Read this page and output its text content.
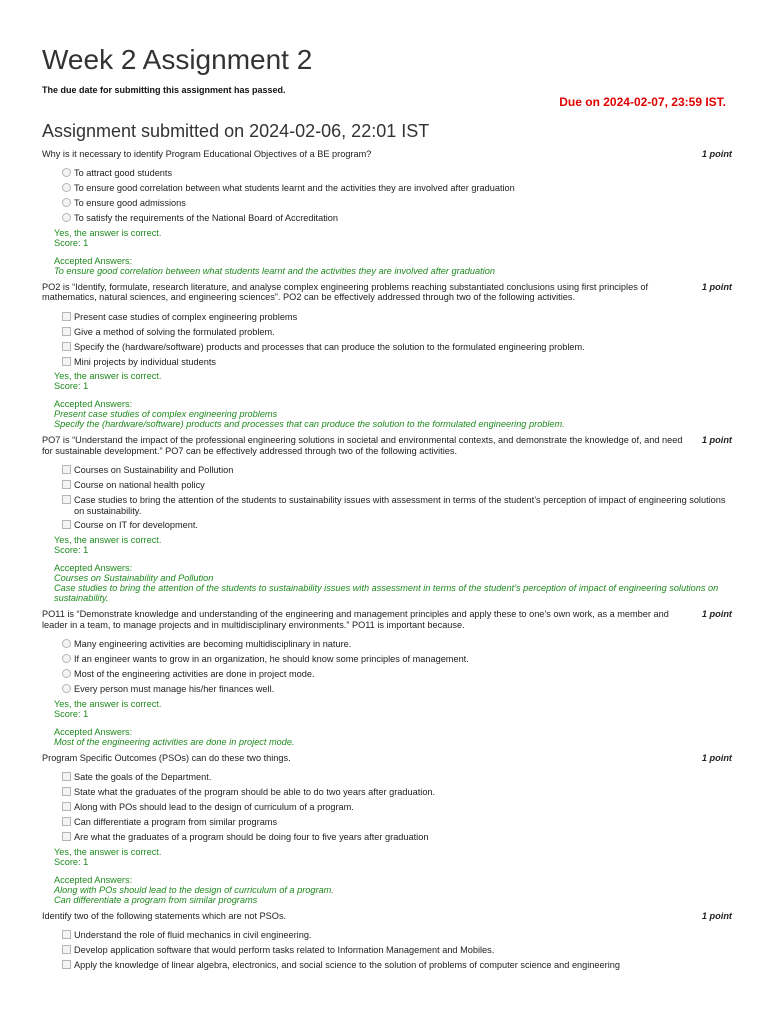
Week 2 Assignment 2
The due date for submitting this assignment has passed.
Due on 2024-02-07, 23:59 IST.
Assignment submitted on 2024-02-06, 22:01 IST
Why is it necessary to identify Program Educational Objectives of a BE program?	1 point
To attract good students
To ensure good correlation between what students learnt and the activities they are involved after graduation
To ensure good admissions
To satisfy the requirements of the National Board of Accreditation
Yes, the answer is correct.
Score: 1
Accepted Answers:
To ensure good correlation between what students learnt and the activities they are involved after graduation
PO2 is “Identify, formulate, research literature, and analyse complex engineering problems reaching substantiated conclusions using first principles of mathematics, natural sciences, and engineering sciences”. PO2 can be effectively addressed through two of the following activities.
1 point
Present case studies of complex engineering problems
Give a method of solving the formulated problem.
Specify the (hardware/software) products and processes that can produce the solution to the formulated engineering problem.
Mini projects by individual students
Yes, the answer is correct.
Score: 1
Accepted Answers:
Present case studies of complex engineering problems
Specify the (hardware/software) products and processes that can produce the solution to the formulated engineering problem.
PO7 is “Understand the impact of the professional engineering solutions in societal and environmental contexts, and demonstrate the knowledge of, and need for sustainable development.” PO7 can be effectively addressed through two of the following activities.
1 point
Courses on Sustainability and Pollution
Course on national health policy
Case studies to bring the attention of the students to sustainability issues with assessment in terms of the student’s perception of impact of engineering solutions on sustainability.
Course on IT for development.
Yes, the answer is correct.
Score: 1
Accepted Answers:
Courses on Sustainability and Pollution
Case studies to bring the attention of the students to sustainability issues with assessment in terms of the student’s perception of impact of engineering solutions on sustainability.
PO11 is “Demonstrate knowledge and understanding of the engineering and management principles and apply these to one’s own work, as a member and leader in a team, to manage projects and in multidisciplinary environments.” PO11 is important because.
1 point
Many engineering activities are becoming multidisciplinary in nature.
If an engineer wants to grow in an organization, he should know some principles of management.
Most of the engineering activities are done in project mode.
Every person must manage his/her finances well.
Yes, the answer is correct.
Score: 1
Accepted Answers:
Most of the engineering activities are done in project mode.
Program Specific Outcomes (PSOs) can do these two things.	1 point
Sate the goals of the Department.
State what the graduates of the program should be able to do two years after graduation.
Along with POs should lead to the design of curriculum of a program.
Can differentiate a program from similar programs
Are what the graduates of a program should be doing four to five years after graduation
Yes, the answer is correct.
Score: 1
Accepted Answers:
Along with POs should lead to the design of curriculum of a program.
Can differentiate a program from similar programs
Identify two of the following statements which are not PSOs.	1 point
Understand the role of fluid mechanics in civil engineering.
Develop application software that would perform tasks related to Information Management and Mobiles.
Apply the knowledge of linear algebra, electronics, and social science to the solution of problems of computer science and engineering
